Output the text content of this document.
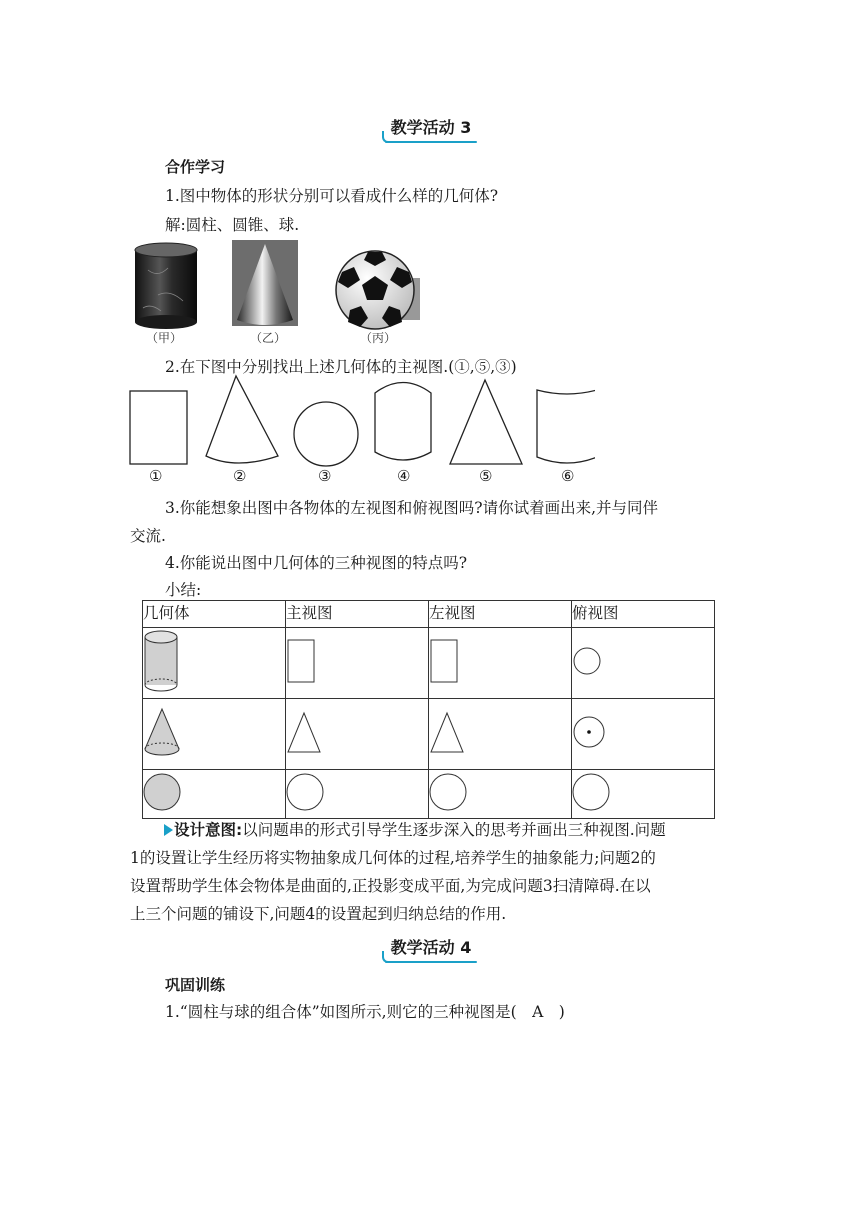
教学活动 3
合作学习
1.图中物体的形状分别可以看成什么样的几何体?
解:圆柱、圆锥、球.
（甲）	（乙）	（丙）
2.在下图中分别找出上述几何体的主视图.(①,⑤,③)
①	②	③	④	⑤	⑥
3.你能想象出图中各物体的左视图和俯视图吗?请你试着画出来,并与同伴
交流.
4.你能说出图中几何体的三种视图的特点吗?
小结:
几何体	主视图	左视图	俯视图

设计意图:以问题串的形式引导学生逐步深入的思考并画出三种视图.问题
1的设置让学生经历将实物抽象成几何体的过程,培养学生的抽象能力;问题2的
设置帮助学生体会物体是曲面的,正投影变成平面,为完成问题3扫清障碍.在以
上三个问题的铺设下,问题4的设置起到归纳总结的作用.
教学活动 4
巩固训练
1.“圆柱与球的组合体”如图所示,则它的三种视图是(　A　)
